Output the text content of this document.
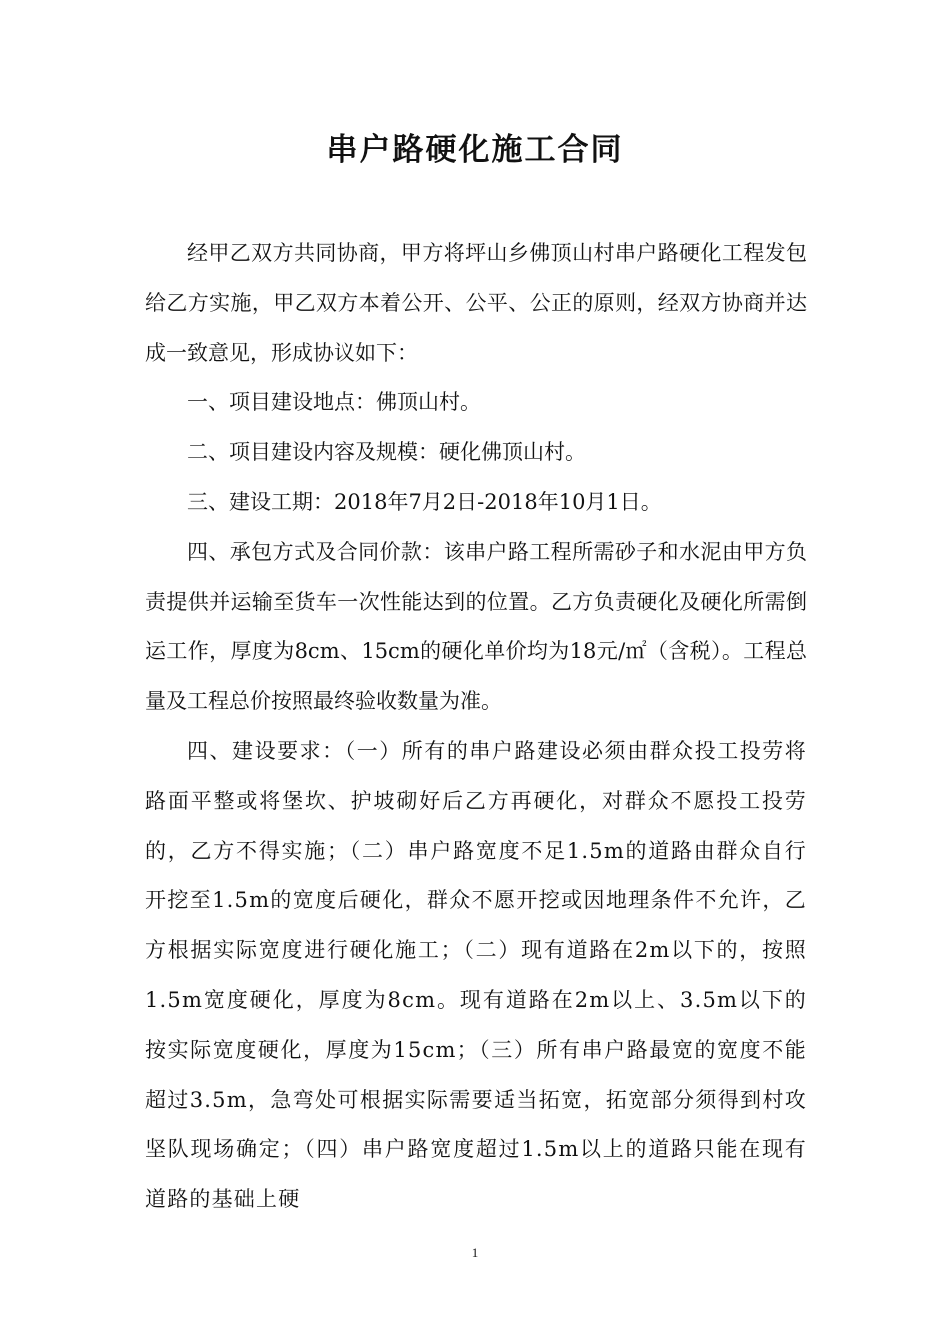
串户路硬化施工合同

经甲乙双方共同协商，甲方将坪山乡佛顶山村串户路硬化工程发包给乙方实施，甲乙双方本着公开、公平、公正的原则，经双方协商并达成一致意见，形成协议如下：

一、项目建设地点：佛顶山村。

二、项目建设内容及规模：硬化佛顶山村。

三、建设工期：2018年7月2日-2018年10月1日。

四、承包方式及合同价款：该串户路工程所需砂子和水泥由甲方负责提供并运输至货车一次性能达到的位置。乙方负责硬化及硬化所需倒运工作，厚度为8cm、15cm的硬化单价均为18元/㎡（含税）。工程总量及工程总价按照最终验收数量为准。

四、建设要求：（一）所有的串户路建设必须由群众投工投劳将路面平整或将堡坎、护坡砌好后乙方再硬化，对群众不愿投工投劳的，乙方不得实施；（二）串户路宽度不足1.5m的道路由群众自行开挖至1.5m的宽度后硬化，群众不愿开挖或因地理条件不允许，乙方根据实际宽度进行硬化施工；（二）现有道路在2m以下的，按照1.5m宽度硬化，厚度为8cm。现有道路在2m以上、3.5m以下的按实际宽度硬化，厚度为15cm；（三）所有串户路最宽的宽度不能超过3.5m，急弯处可根据实际需要适当拓宽，拓宽部分须得到村攻坚队现场确定；（四）串户路宽度超过1.5m以上的道路只能在现有道路的基础上硬

1
